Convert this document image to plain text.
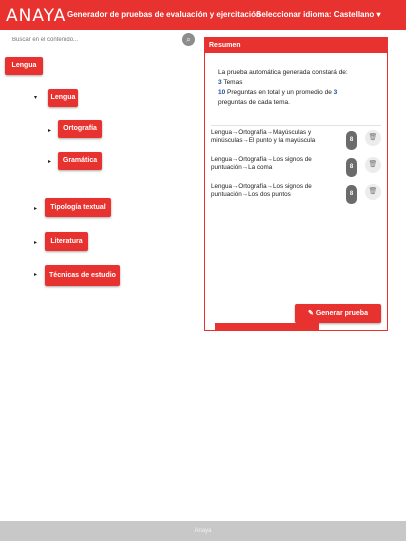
ANAYA Generador de pruebas de evaluación y ejercitación
Seleccionar idioma: Castellano ▾
Buscar en el contenido...
⌕
Lengua
▾	Lengua
▸	Ortografía
▸	Gramática
▸	Tipología textual
▸	Literatura
▸	Técnicas de estudio
Resumen
La prueba automática generada constará de:
3 Temas
10 Preguntas en total y un promedio de 3
preguntas de cada tema.
Lengua→Ortografía→Mayúsculas y minúsculas→El punto y la mayúscula	8	🗑
Lengua→Ortografía→Los signos de puntuación→La coma	8	🗑
Lengua→Ortografía→Los signos de puntuación→Los dos puntos	8	🗑
✎ Generar prueba
Anaya
